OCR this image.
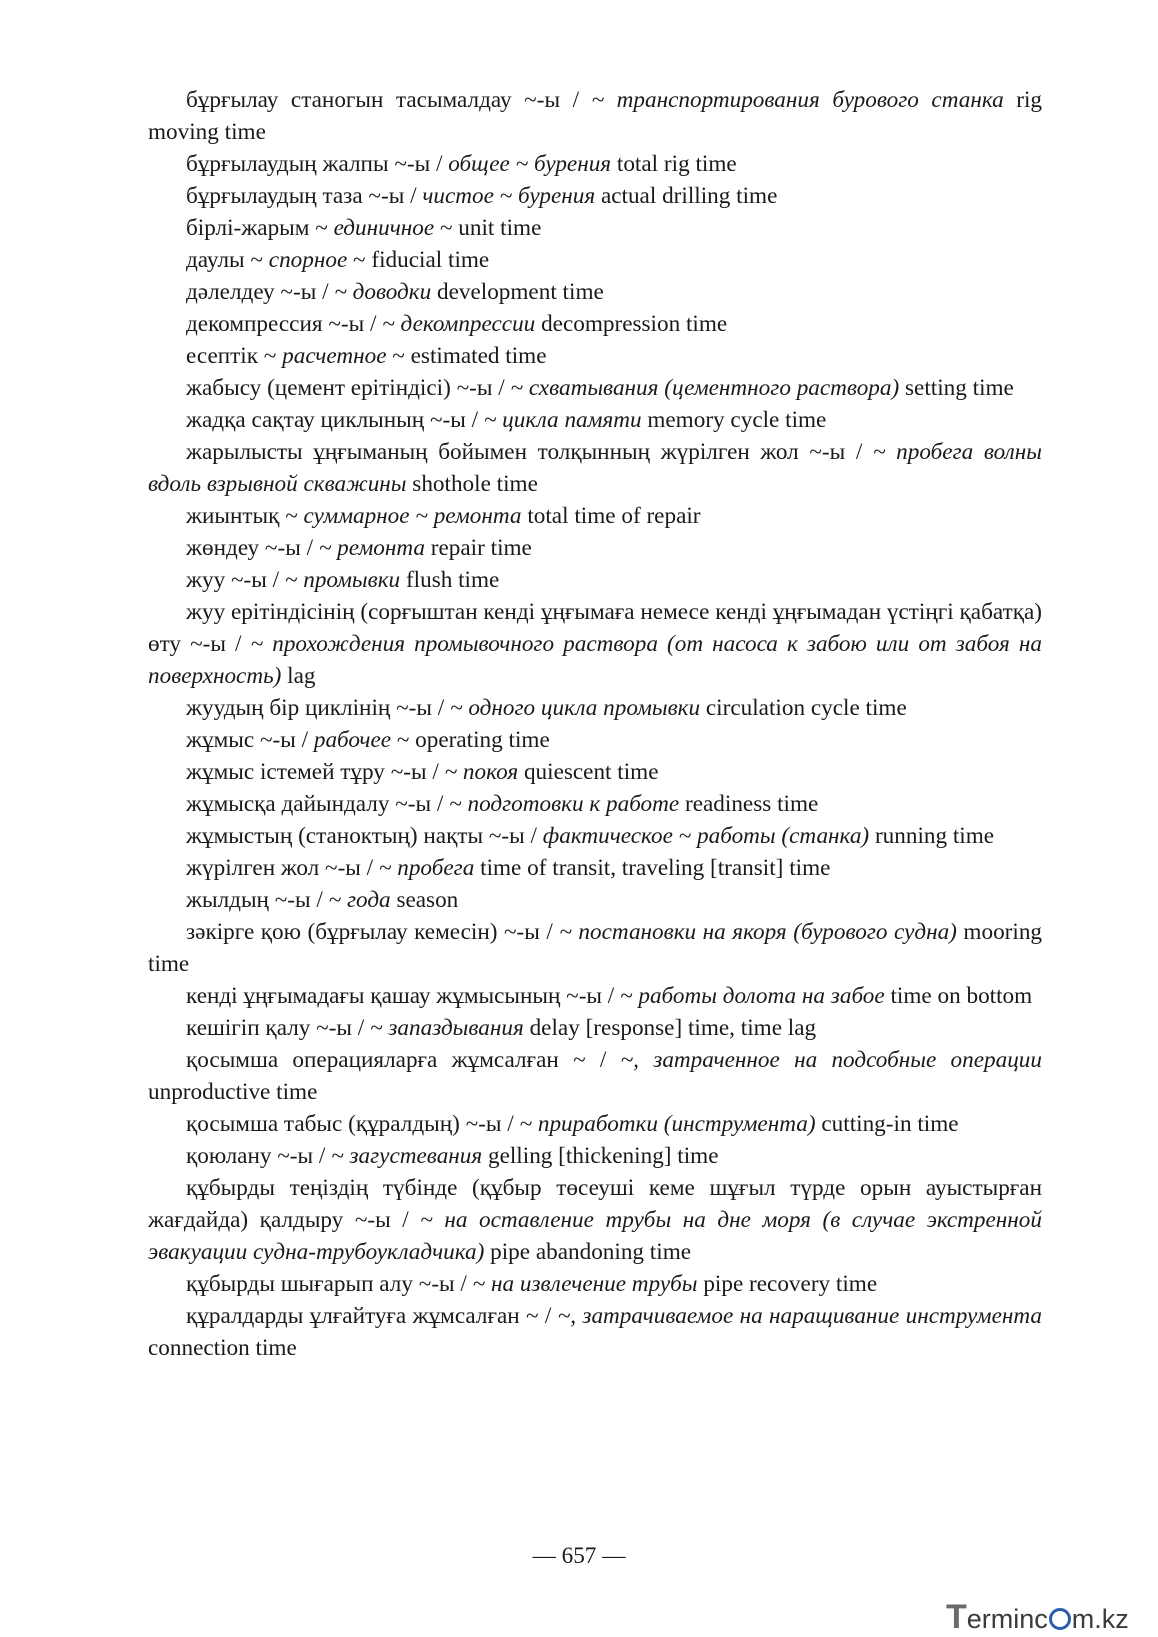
бұрғылау станогын тасымалдау ~-ы / ~ транспортирования бурового станка rig moving time

бұрғылаудың жалпы ~-ы / общее ~ бурения total rig time

бұрғылаудың таза ~-ы / чистое ~ бурения actual drilling time

бірлі-жарым ~ единичное ~ unit time

даулы ~ спорное ~ fiducial time

дәлелдеу ~-ы / ~ доводки development time

декомпрессия ~-ы / ~ декомпрессии decompression time

есептік ~ расчетное ~ estimated time

жабысу (цемент ерітіндісі) ~-ы / ~ схватывания (цементного раствора) setting time

жадқа сақтау циклының ~-ы / ~ цикла памяти memory cycle time

жарылысты ұңғыманың бойымен толқынның жүрілген жол ~-ы / ~ пробега волны вдоль взрывной скважины shothole time

жиынтық ~ суммарное ~ ремонта total time of repair

жөндеу ~-ы / ~ ремонта repair time

жуу ~-ы / ~ промывки flush time

жуу ерітіндісінің (сорғыштан кенді ұңғымаға немесе кенді ұңғымадан үстіңгі қабатқа) өту ~-ы / ~ прохождения промывочного раствора (от насоса к забою или от забоя на поверхность) lag

жуудың бір циклінің ~-ы / ~ одного цикла промывки circulation cycle time

жұмыс ~-ы / рабочее ~ operating time

жұмыс істемей тұру ~-ы / ~ покоя quiescent time

жұмысқа дайындалу ~-ы / ~ подготовки к работе readiness time

жұмыстың (станоктың) нақты ~-ы / фактическое ~ работы (станка) running time

жүрілген жол ~-ы / ~ пробега time of transit, traveling [transit] time

жылдың ~-ы / ~ года season

зәкірге қою (бұрғылау кемесін) ~-ы / ~ постановки на якоря (бурового судна) mooring time

кенді ұңғымадағы қашау жұмысының ~-ы / ~ работы долота на забое time on bottom

кешігіп қалу ~-ы / ~ запаздывания delay [response] time, time lag

қосымша операцияларға жұмсалған ~ / ~, затраченное на подсобные операции unproductive time

қосымша табыс (құралдың) ~-ы / ~ приработки (инструмента) cutting-in time

қоюлану ~-ы / ~ загустевания gelling [thickening] time

құбырды теңіздің түбінде (құбыр төсеуші кеме шұғыл түрде орын ауыстырған жағдайда) қалдыру ~-ы / ~ на оставление трубы на дне моря (в случае экстренной эвакуации судна-трубоукладчика) pipe abandoning time

құбырды шығарып алу ~-ы / ~ на извлечение трубы pipe recovery time

құралдарды ұлғайтуға жұмсалған ~ / ~, затрачиваемое на наращивание инструмента connection time

— 657 —
Terminc m.kz
